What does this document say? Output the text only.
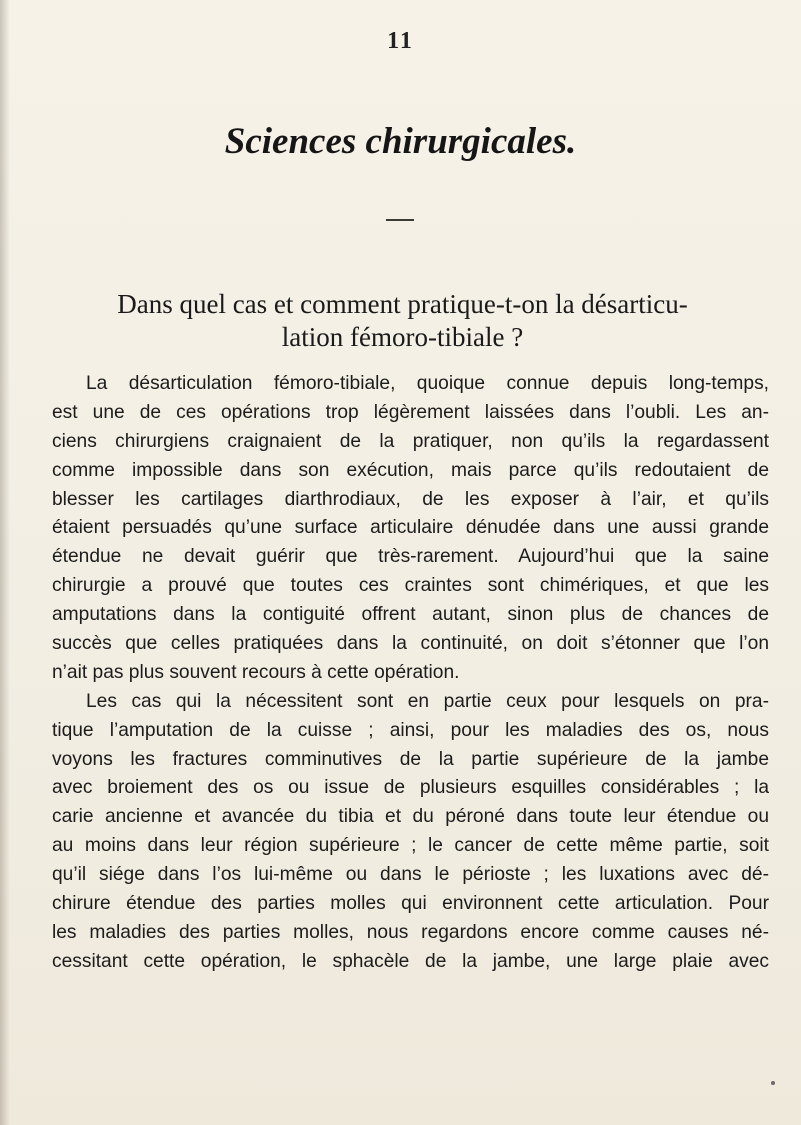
11
Sciences chirurgicales.
Dans quel cas et comment pratique-t-on la désarticu-
lation fémoro-tibiale ?
La désarticulation fémoro-tibiale, quoique connue depuis long-temps,
est une de ces opérations trop légèrement laissées dans l’oubli. Les an-
ciens chirurgiens craignaient de la pratiquer, non qu’ils la regardassent
comme impossible dans son exécution, mais parce qu’ils redoutaient de
blesser les cartilages diarthrodiaux, de les exposer à l’air, et qu’ils
étaient persuadés qu’une surface articulaire dénudée dans une aussi grande
étendue ne devait guérir que très-rarement. Aujourd’hui que la saine
chirurgie a prouvé que toutes ces craintes sont chimériques, et que les
amputations dans la contiguité offrent autant, sinon plus de chances de
succès que celles pratiquées dans la continuité, on doit s’étonner que l’on
n’ait pas plus souvent recours à cette opération.
Les cas qui la nécessitent sont en partie ceux pour lesquels on pra-
tique l’amputation de la cuisse ; ainsi, pour les maladies des os, nous
voyons les fractures comminutives de la partie supérieure de la jambe
avec broiement des os ou issue de plusieurs esquilles considérables ; la
carie ancienne et avancée du tibia et du péroné dans toute leur étendue ou
au moins dans leur région supérieure ; le cancer de cette même partie, soit
qu’il siége dans l’os lui-même ou dans le périoste ; les luxations avec dé-
chirure étendue des parties molles qui environnent cette articulation. Pour
les maladies des parties molles, nous regardons encore comme causes né-
cessitant cette opération, le sphacèle de la jambe, une large plaie avec
